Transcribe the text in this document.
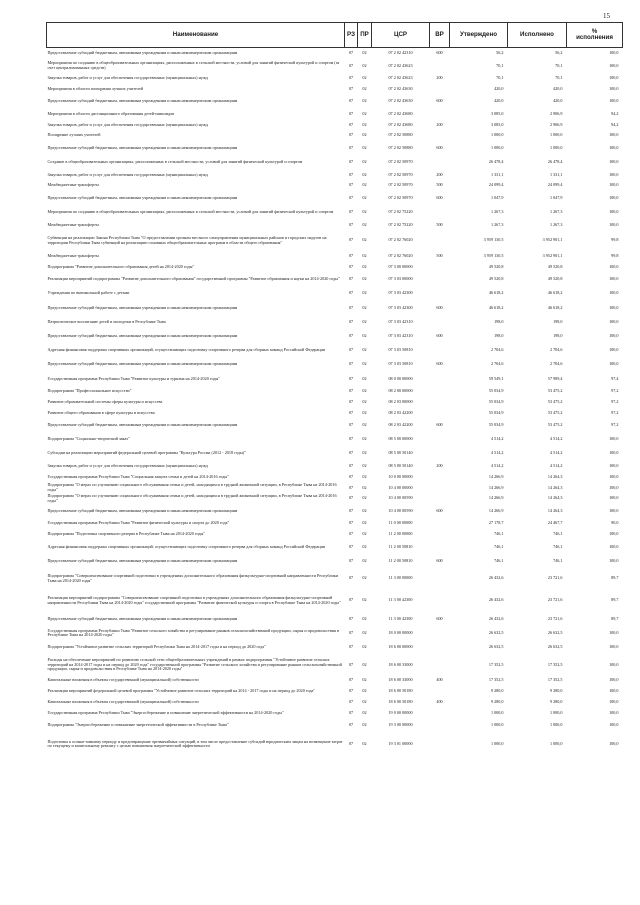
15
Наименование	РЗ	ПР	ЦСР	ВР	Утверждено	Исполнено	%
исполнения
Предоставление субсидий бюджетным, автономным учреждениям и иным некоммерческим организациям	07	02	07 2 02 42310	600	56,2	56,2	100,0
Мероприятия по созданию в общеобразовательных организациях, расположенных в сельской местности, условий для занятий физической культурой и спортом (за счет централизованных средств)	07	02	07 2 02 43623		70,1	70,1	100,0
Закупка товаров, работ и услуг для обеспечения государственных (муниципальных) нужд	07	02	07 2 02 43623	200	70,1	70,1	100,0
Мероприятия в области поощрения лучших учителей	07	02	07 2 02 43630		420,0	420,0	100,0
Предоставление субсидий бюджетным, автономным учреждениям и иным некоммерческим организациям	07	02	07 2 02 43630	600	420,0	420,0	100,0
Мероприятия в области дистанционного образования детей-инвалидов	07	02	07 2 02 43680		3 085,0	2 906,9	94,2
Закупка товаров, работ и услуг для обеспечения государственных (муниципальных) нужд	07	02	07 2 02 43680	200	3 085,0	2 906,9	94,2
Поощрение лучших учителей	07	02	07 2 02 50880		1 000,0	1 000,0	100,0
Предоставление субсидий бюджетным, автономным учреждениям и иным некоммерческим организациям	07	02	07 2 02 50880	600	1 000,0	1 000,0	100,0
Создание в общеобразовательных организациях, расположенных в сельской местности, условий для занятий физической культурой и спортом	07	02	07 2 02 50970		26 478,4	26 478,4	100,0
Закупка товаров, работ и услуг для обеспечения государственных (муниципальных) нужд	07	02	07 2 02 50970	200	1 331,1	1 331,1	100,0
Межбюджетные трансферты	07	02	07 2 02 50970	500	24 099,4	24 099,4	100,0
Предоставление субсидий бюджетным, автономным учреждениям и иным некоммерческим организациям	07	02	07 2 02 50970	600	1 047,9	1 047,9	100,0
Мероприятия по созданию в общеобразовательных организациях, расположенных в сельской местности, условий для занятий физической культурой и спортом	07	02	07 2 02 75220		1 267,3	1 267,3	100,0
Межбюджетные трансферты	07	02	07 2 02 75220	500	1 267,3	1 267,3	100,0
Субвенции на реализацию Закона Республики Тыва "О предоставлении органам местного самоуправления муниципальных районов и городских округов на территории Республики Тыва субвенций на реализацию основных общеобразовательных программ в области общего образования"	07	02	07 2 02 76020		3 959 130,5	3 952 901,1	99,8
Межбюджетные трансферты	07	02	07 2 02 76020	500	3 959 130,5	3 952 901,1	99,8
Подпрограмма "Развитие дополнительного образования детей на 2014-2020 годы"	07	02	07 3 00 00000		49 520,8	49 520,8	100,0
Реализация мероприятий подпрограммы "Развитие дополнительного образования" государственной программы "Развитие образования и науки на 2014-2020 годы"	07	02	07 3 03 00000		49 520,8	49 520,8	100,0
Учреждения по внешкольной работе с детьми	07	02	07 3 03 42300		46 618,2	46 618,2	100,0
Предоставление субсидий бюджетным, автономным учреждениям и иным некоммерческим организациям	07	02	07 3 03 42300	600	46 618,2	46 618,2	100,0
Патриотическое воспитание детей и молодежи в Республике Тыва	07	02	07 3 03 42310		198,0	198,0	100,0
Предоставление субсидий бюджетным, автономным учреждениям и иным некоммерческим организациям	07	02	07 3 03 42310	600	198,0	198,0	100,0
Адресная финансовая поддержка спортивных организаций, осуществляющих подготовку спортивного резерва для сборных команд Российской Федерации	07	02	07 3 03 50810		2 704,6	2 704,6	100,0
Предоставление субсидий бюджетным, автономным учреждениям и иным некоммерческим организациям	07	02	07 3 03 50810	600	2 704,6	2 704,6	100,0
Государственная программа Республики Тыва "Развитие культуры и туризма на 2014-2020 годы"	07	02	08 0 00 00000		59 549,1	57 989,4	97,4
Подпрограмма "Профессиональное искусство"	07	02	08 2 00 00000		55 034,9	53 475,2	97,2
Развитие образовательной системы сферы культуры и искусства	07	02	08 2 03 00000		55 034,9	53 475,2	97,2
Развитие общего образования в сфере культуры и искусства	07	02	08 2 03 42200		55 034,9	53 475,2	97,2
Предоставление субсидий бюджетным, автономным учреждениям и иным некоммерческим организациям	07	02	08 2 03 42200	600	55 034,9	53 475,2	97,2
Подпрограмма "Социально-творческий заказ"	07	02	08 5 00 00000		4 514,2	4 514,2	100,0
Субсидии на реализацию мероприятий федеральной целевой программы "Культура России (2012 - 2018 годы)"	07	02	08 5 00 50140		4 514,2	4 514,2	100,0
Закупка товаров, работ и услуг для обеспечения государственных (муниципальных) нужд	07	02	08 5 00 50140	200	4 514,2	4 514,2	100,0
Государственная программа Республики Тыва "Социальная защита семьи и детей на 2014-2016 годы"	07	02	10 0 00 00000		14 266,9	14 264,3	100,0
Подпрограмма "О мерах по улучшению социального обслуживания семьи и детей, находящихся в трудной жизненной ситуации, в Республике Тыва на 2014-2016 годы"	07	02	10 4 00 00000		14 266,9	14 264,3	100,0
Подпрограмма "О мерах по улучшению социального обслуживания семьи и детей, находящихся в трудной жизненной ситуации, в Республике Тыва на 2014-2016 годы"	07	02	10 4 00 00590		14 266,9	14 264,3	100,0
Предоставление субсидий бюджетным, автономным учреждениям и иным некоммерческим организациям	07	02	10 4 00 00590	600	14 266,9	14 264,3	100,0
Государственная программа Республики Тыва "Развитие физической культуры и спорта до 2020 года"	07	02	11 0 00 00000		27 178,7	24 467,7	90,0
Подпрограмма "Подготовка спортивного резерва в Республике Тыва на 2014-2020 годы"	07	02	11 2 00 00000		746,1	746,1	100,0
Адресная финансовая поддержка спортивных организаций, осуществляющих подготовку спортивного резерва для сборных команд Российской Федерации	07	02	11 2 00 50810		746,1	746,1	100,0
Предоставление субсидий бюджетным, автономным учреждениям и иным некоммерческим организациям	07	02	11 2 00 50810	600	746,1	746,1	100,0
Подпрограмма "Совершенствование спортивной подготовки в учреждениях дополнительного образования физкультурно-спортивной направленности Республики Тыва на 2014-2020 годы"	07	02	11 3 00 00000		26 432,6	23 721,6	89,7
Реализация мероприятий подпрограммы "Совершенствование спортивной подготовки в учреждениях дополнительного образования физкультурно-спортивной направленности Республики Тыва на 2014-2020 годы" государственной программы "Развитие физической культуры и спорта в Республике Тыва на 2014-2020 годы"	07	02	11 3 00 42300		26 432,6	23 721,6	89,7
Предоставление субсидий бюджетным, автономным учреждениям и иным некоммерческим организациям	07	02	11 3 00 42300	600	26 432,6	23 721,6	89,7
Государственная программа Республики Тыва "Развитие сельского хозяйства и регулирование рынков сельскохозяйственной продукции, сырья и продовольствия в Республике Тыва на 2014-2020 годы"	07	02	18 0 00 00000		26 632,5	26 632,5	100,0
Подпрограмма "Устойчивое развитие сельских территорий Республики Тыва на 2014-2017 годы и на период до 2020 года"	07	02	18 6 00 00000		26 632,5	26 632,5	100,0
Расходы на обеспечение мероприятий по развитию сельской сети общеобразовательных учреждений в рамках подпрограммы "Устойчивое развитие сельских территорий на 2014-2017 годы и на период до 2020 года" государственной программы "Развитие сельского хозяйства и регулирование рынков сельскохозяйственной продукции, сырья и продовольствия в Республике Тыва на 2014-2020 годы"	07	02	18 6 00 33000		17 352,5	17 352,5	100,0
Капитальные вложения в объекты государственной (муниципальной) собственности	07	02	18 6 00 33000	400	17 352,5	17 352,5	100,0
Реализация мероприятий федеральной целевой программы "Устойчивое развитие сельских территорий на 2014 - 2017 годы и на период до 2020 года"	07	02	18 6 00 50180		9 280,0	9 280,0	100,0
Капитальные вложения в объекты государственной (муниципальной) собственности	07	02	18 6 00 50180	400	9 280,0	9 280,0	100,0
Государственная программа Республики Тыва "Энергосбережение и повышение энергетической эффективности на 2014-2020 годы"	07	02	19 0 00 00000		1 000,0	1 000,0	100,0
Подпрограмма "Энергосбережение и повышение энергетической эффективности в Республике Тыва"	07	02	19 3 00 00000		1 000,0	1 000,0	100,0
Подготовка к осенне-зимнему периоду и предотвращение чрезвычайных ситуаций, в том числе предоставление субсидий юридическим лицам на возмещение затрат по текущему и капитальному ремонту с целью повышения энергетической эффективности	07	02	19 3 01 00000		1 000,0	1 000,0	100,0
